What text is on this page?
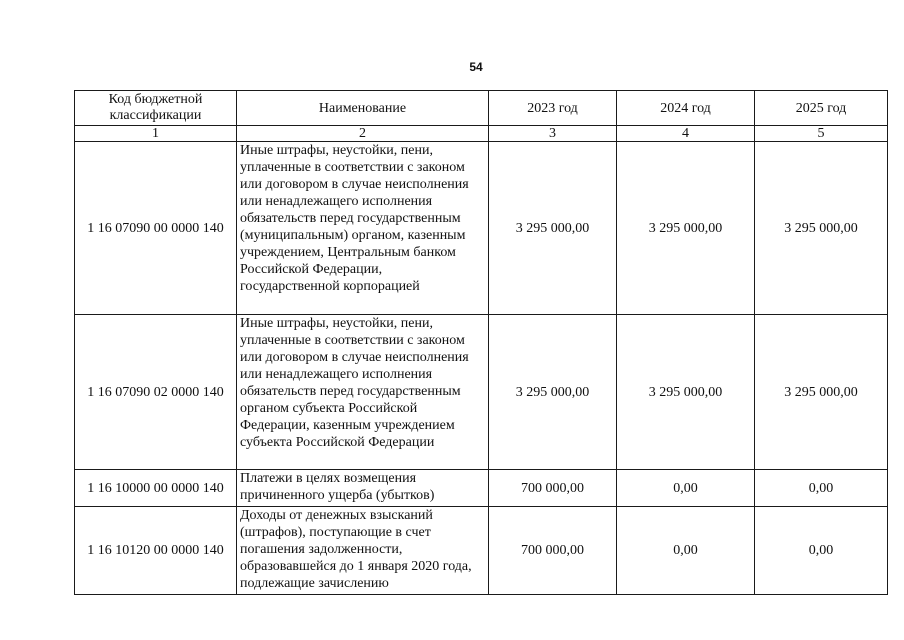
54
Код бюджетной классификации	Наименование	2023 год	2024 год	2025 год
1	2	3	4	5
1 16 07090 00 0000 140	Иные штрафы, неустойки, пени, уплаченные в соответствии с законом или договором в случае неисполнения или ненадлежащего исполнения обязательств перед государственным (муниципальным) органом, казенным учреждением, Центральным банком Российской Федерации, государственной корпорацией	3 295 000,00	3 295 000,00	3 295 000,00
1 16 07090 02 0000 140	Иные штрафы, неустойки, пени, уплаченные в соответствии с законом или договором в случае неисполнения или ненадлежащего исполнения обязательств перед государственным органом субъекта Российской Федерации, казенным учреждением субъекта Российской Федерации	3 295 000,00	3 295 000,00	3 295 000,00
1 16 10000 00 0000 140	Платежи в целях возмещения причиненного ущерба (убытков)	700 000,00	0,00	0,00
1 16 10120 00 0000 140	Доходы от денежных взысканий (штрафов), поступающие в счет погашения задолженности, образовавшейся до 1 января 2020 года, подлежащие зачислению	700 000,00	0,00	0,00
